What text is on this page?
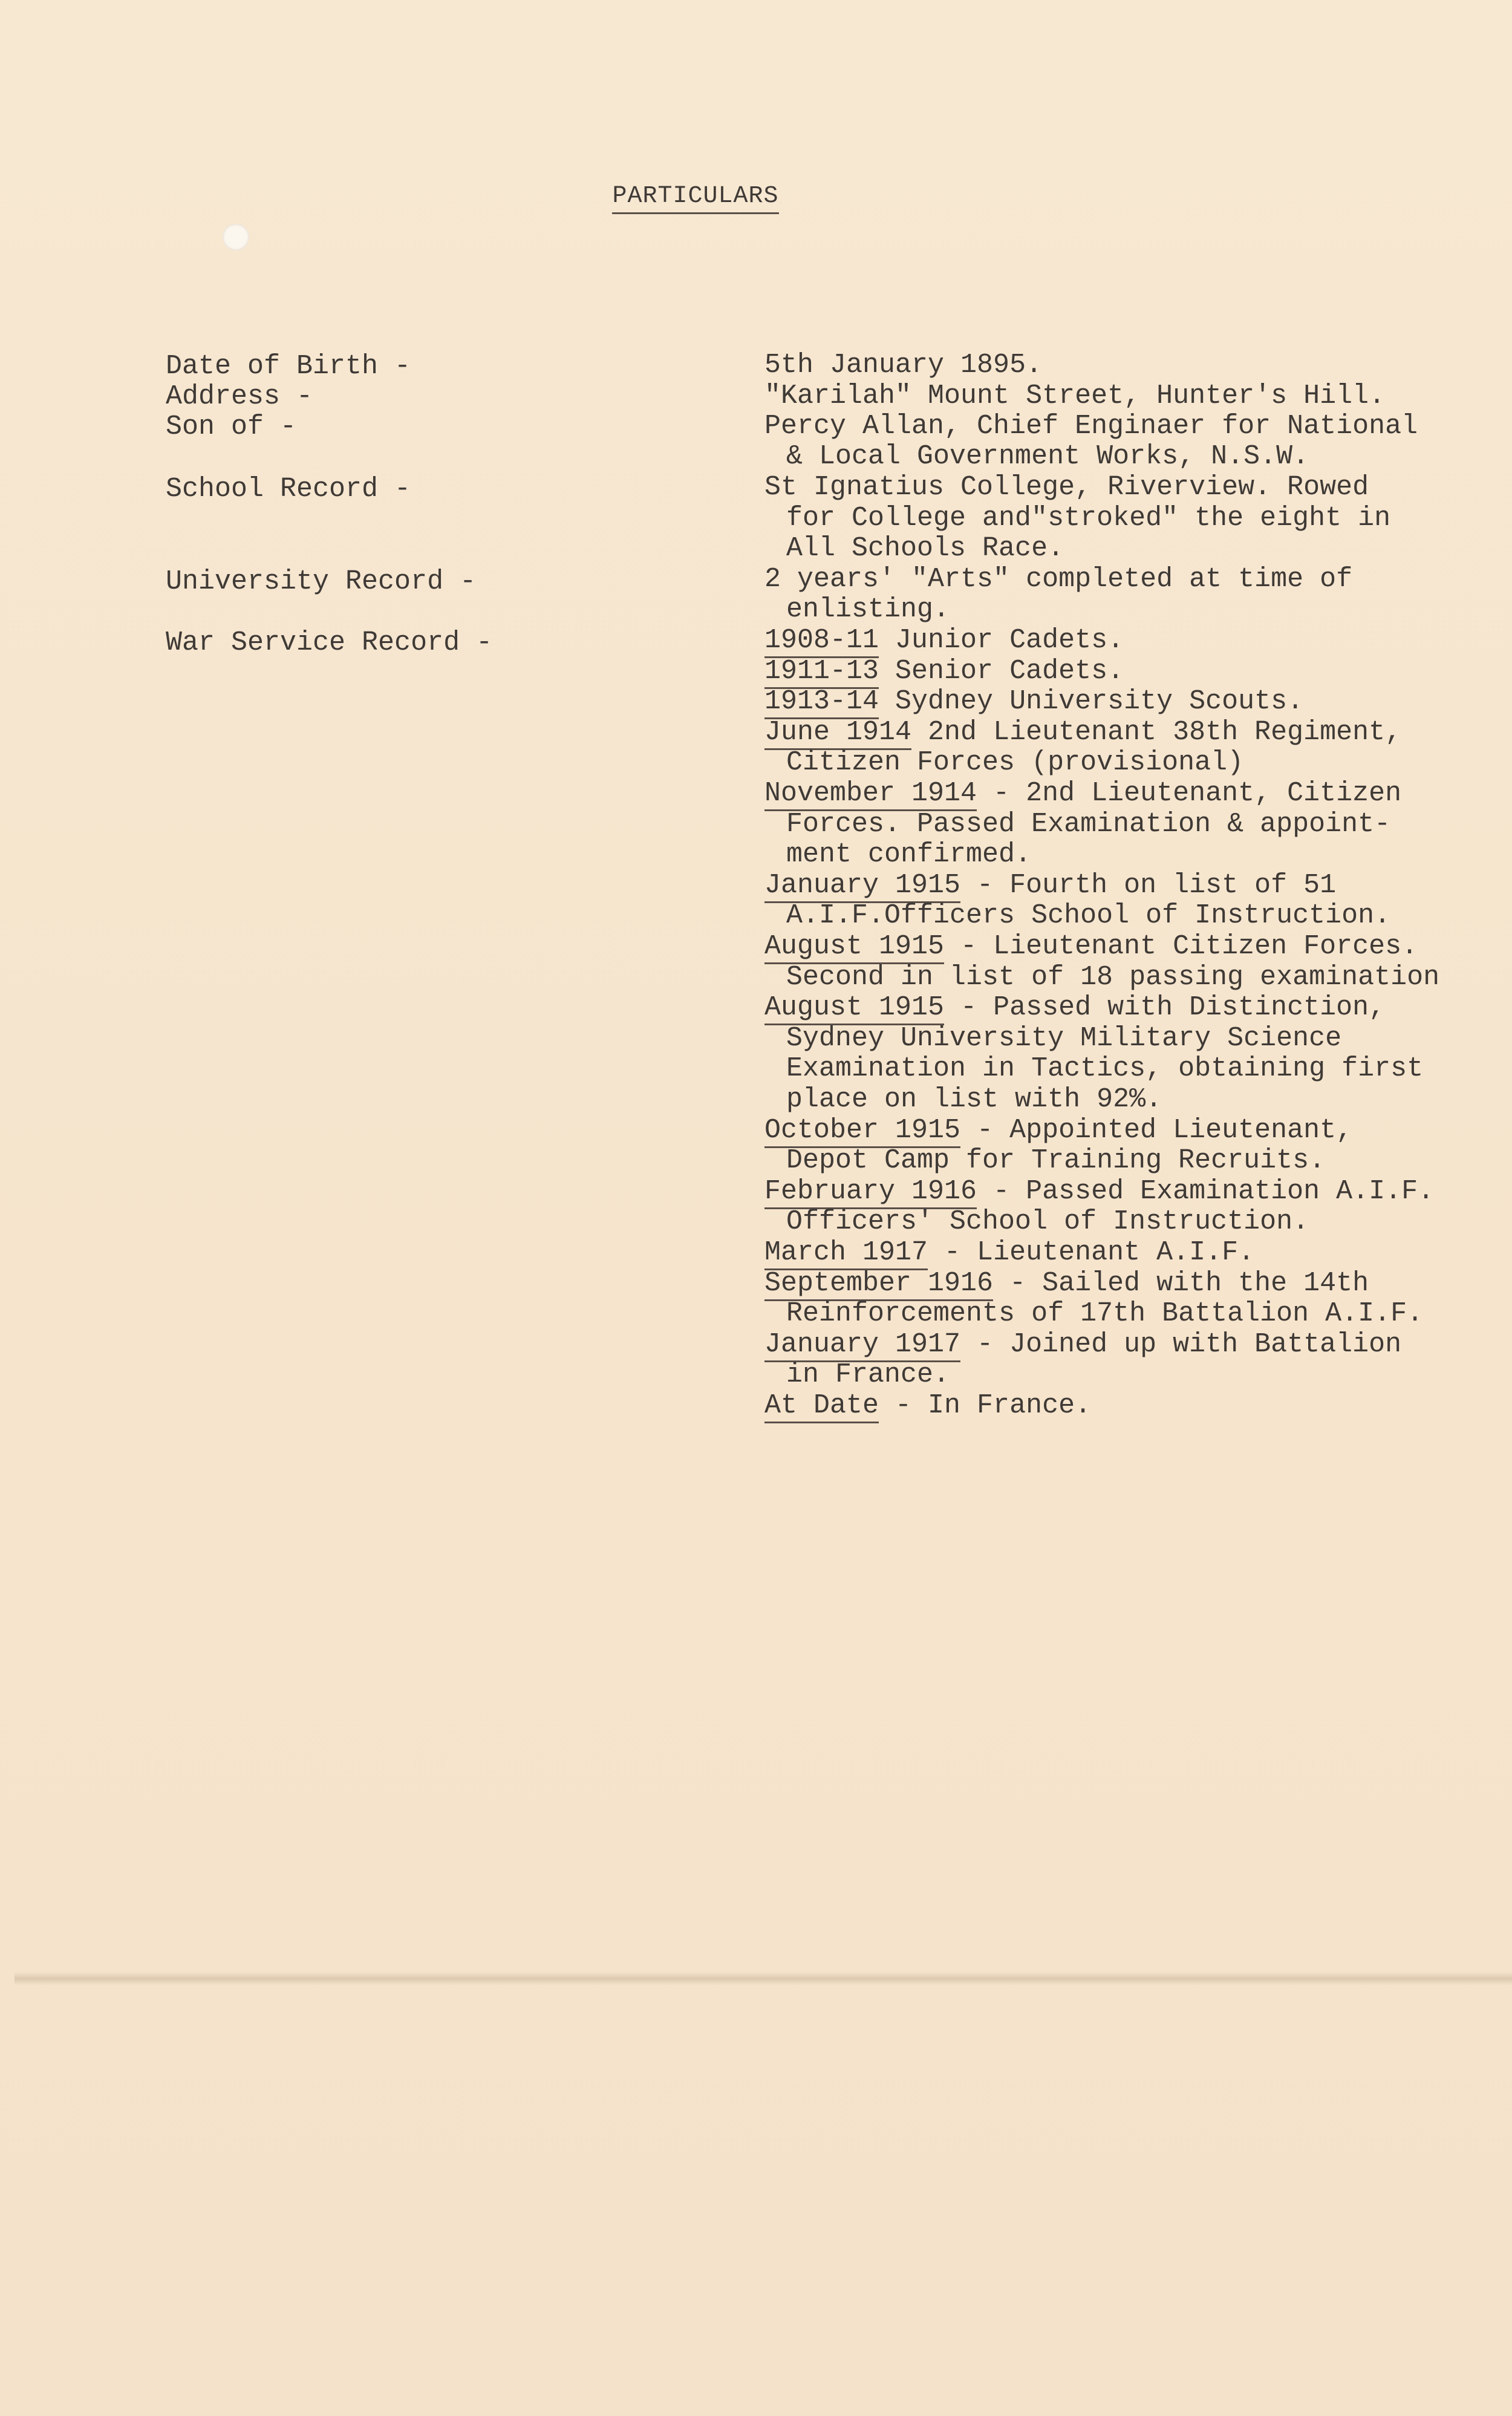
PARTICULARS
Date of Birth -
Address -
Son of -
School Record -
University Record -
War Service Record -
5th January 1895.
"Karilah" Mount Street, Hunter's Hill.
Percy Allan, Chief Enginaer for National
& Local Government Works, N.S.W.
St Ignatius College, Riverview. Rowed
for College and"stroked" the eight in
All Schools Race.
2 years' "Arts" completed at time of
enlisting.
1908-11 Junior Cadets.
1911-13 Senior Cadets.
1913-14 Sydney University Scouts.
June 1914 2nd Lieutenant 38th Regiment,
Citizen Forces (provisional)
November 1914 - 2nd Lieutenant, Citizen
Forces. Passed Examination & appoint-
ment confirmed.
January 1915 - Fourth on list of 51
A.I.F.Officers School of Instruction.
August 1915 - Lieutenant Citizen Forces.
Second in list of 18 passing examination
August 1915 - Passed with Distinction,
Sydney University Military Science
Examination in Tactics, obtaining first
place on list with 92%.
October 1915 - Appointed Lieutenant,
Depot Camp for Training Recruits.
February 1916 - Passed Examination A.I.F.
Officers' School of Instruction.
March 1917 - Lieutenant A.I.F.
September 1916 - Sailed with the 14th
Reinforcements of 17th Battalion A.I.F.
January 1917 - Joined up with Battalion
in France.
At Date - In France.
